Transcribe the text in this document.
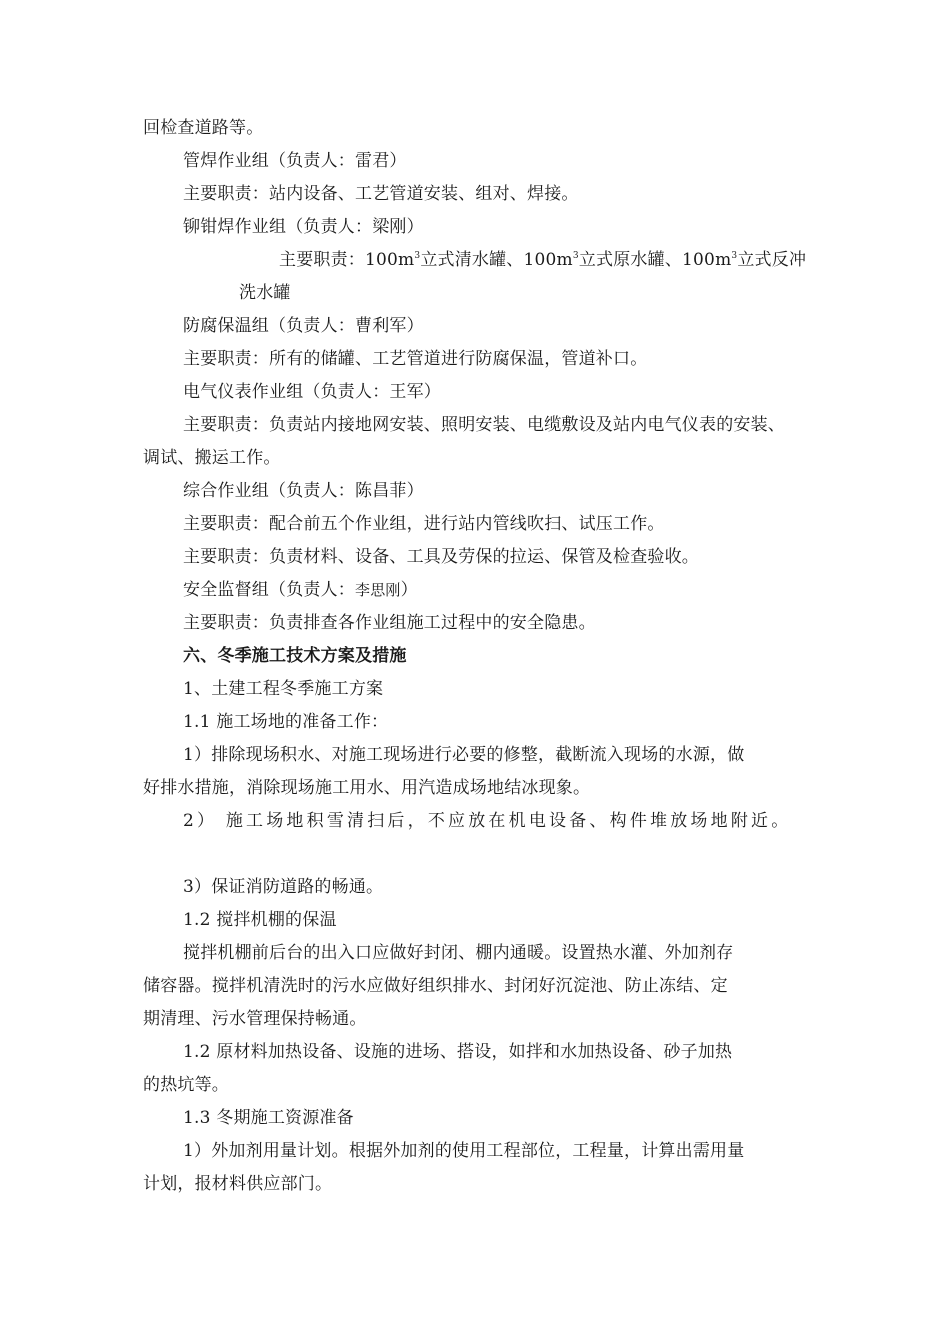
回检查道路等。
管焊作业组（负责人：雷君）
主要职责：站内设备、工艺管道安装、组对、焊接。
铆钳焊作业组（负责人：梁刚）
主要职责：$100m^3$立式清水罐、$100m^3$立式原水罐、$100m^3$立式反冲
洗水罐
防腐保温组（负责人：曹利军）
主要职责：所有的储罐、工艺管道进行防腐保温，管道补口。
电气仪表作业组（负责人：王军）
主要职责：负责站内接地网安装、照明安装、电缆敷设及站内电气仪表的安装、
调试、搬运工作。
综合作业组（负责人：陈昌菲）
主要职责：配合前五个作业组，进行站内管线吹扫、试压工作。
主要职责：负责材料、设备、工具及劳保的拉运、保管及检查验收。
安全监督组（负责人：李思刚）
主要职责：负责排查各作业组施工过程中的安全隐患。
六、冬季施工技术方案及措施
1、土建工程冬季施工方案
1.1 施工场地的准备工作：
1）排除现场积水、对施工现场进行必要的修整，截断流入现场的水源，做
好排水措施，消除现场施工用水、用汽造成场地结冰现象。
2） 施工场地积雪清扫后，不应放在机电设备、构件堆放场地附近。
3）保证消防道路的畅通。
1.2 搅拌机棚的保温
搅拌机棚前后台的出入口应做好封闭、棚内通暖。设置热水灌、外加剂存
储容器。搅拌机清洗时的污水应做好组织排水、封闭好沉淀池、防止冻结、定
期清理、污水管理保持畅通。
1.2 原材料加热设备、设施的进场、搭设，如拌和水加热设备、砂子加热
的热坑等。
1.3 冬期施工资源准备
1）外加剂用量计划。根据外加剂的使用工程部位，工程量，计算出需用量
计划，报材料供应部门。
